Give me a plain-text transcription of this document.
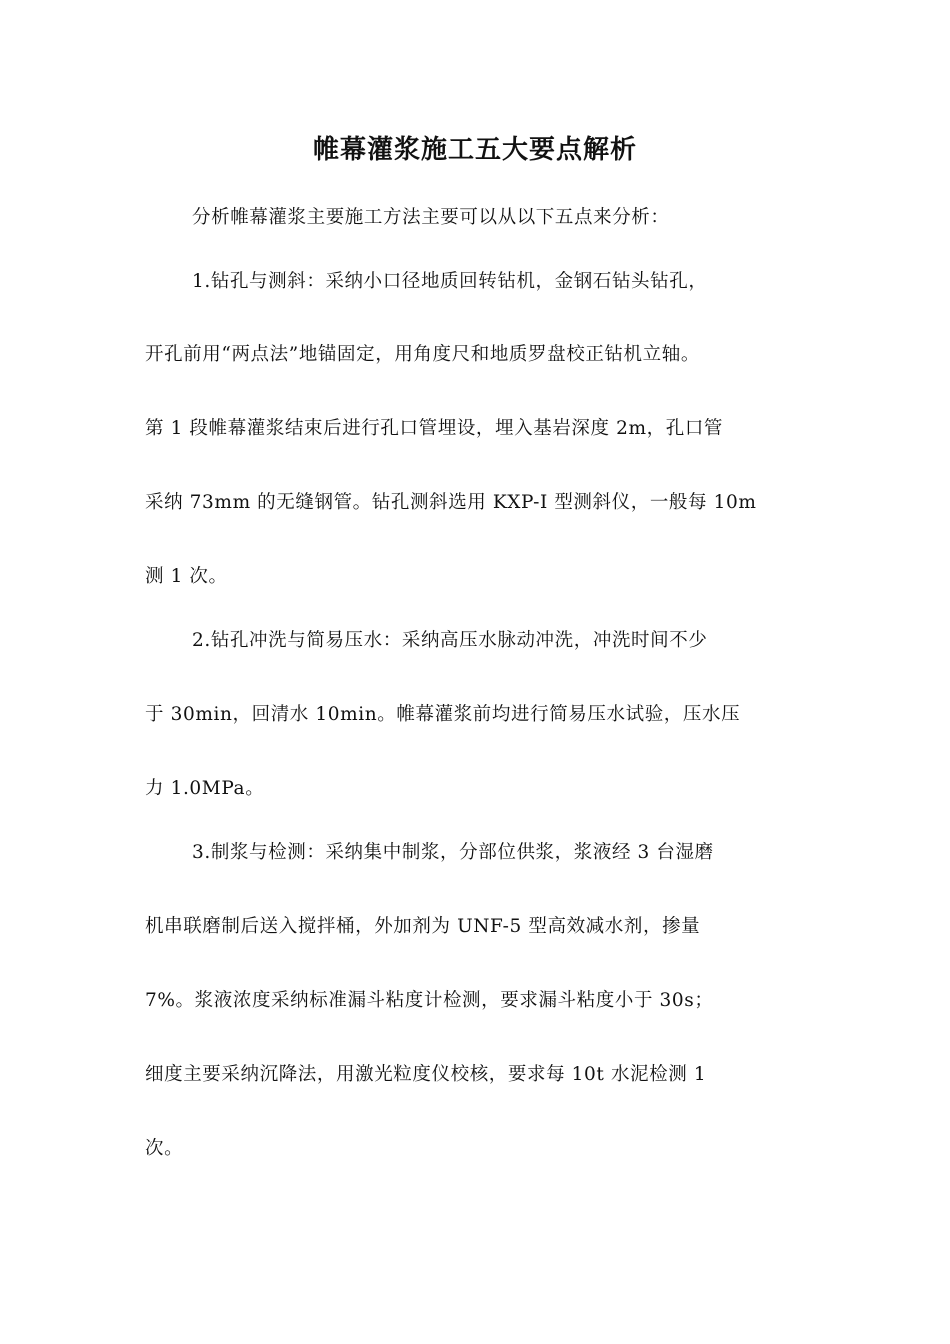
帷幕灌浆施工五大要点解析
分析帷幕灌浆主要施工方法主要可以从以下五点来分析：
1.钻孔与测斜：采纳小口径地质回转钻机，金钢石钻头钻孔，
开孔前用“两点法”地锚固定，用角度尺和地质罗盘校正钻机立轴。
第 1 段帷幕灌浆结束后进行孔口管埋设，埋入基岩深度 2m，孔口管
采纳 73mm 的无缝钢管。钻孔测斜选用 KXP-Ⅰ 型测斜仪，一般每 10m
测 1 次。
2.钻孔冲洗与简易压水：采纳高压水脉动冲洗，冲洗时间不少
于 30min，回清水 10min。帷幕灌浆前均进行简易压水试验，压水压
力 1.0MPa。
3.制浆与检测：采纳集中制浆，分部位供浆，浆液经 3 台湿磨
机串联磨制后送入搅拌桶，外加剂为 UNF-5 型高效减水剂，掺量
7%。浆液浓度采纳标准漏斗粘度计检测，要求漏斗粘度小于 30s；
细度主要采纳沉降法，用激光粒度仪校核，要求每 10t 水泥检测 1
次。
